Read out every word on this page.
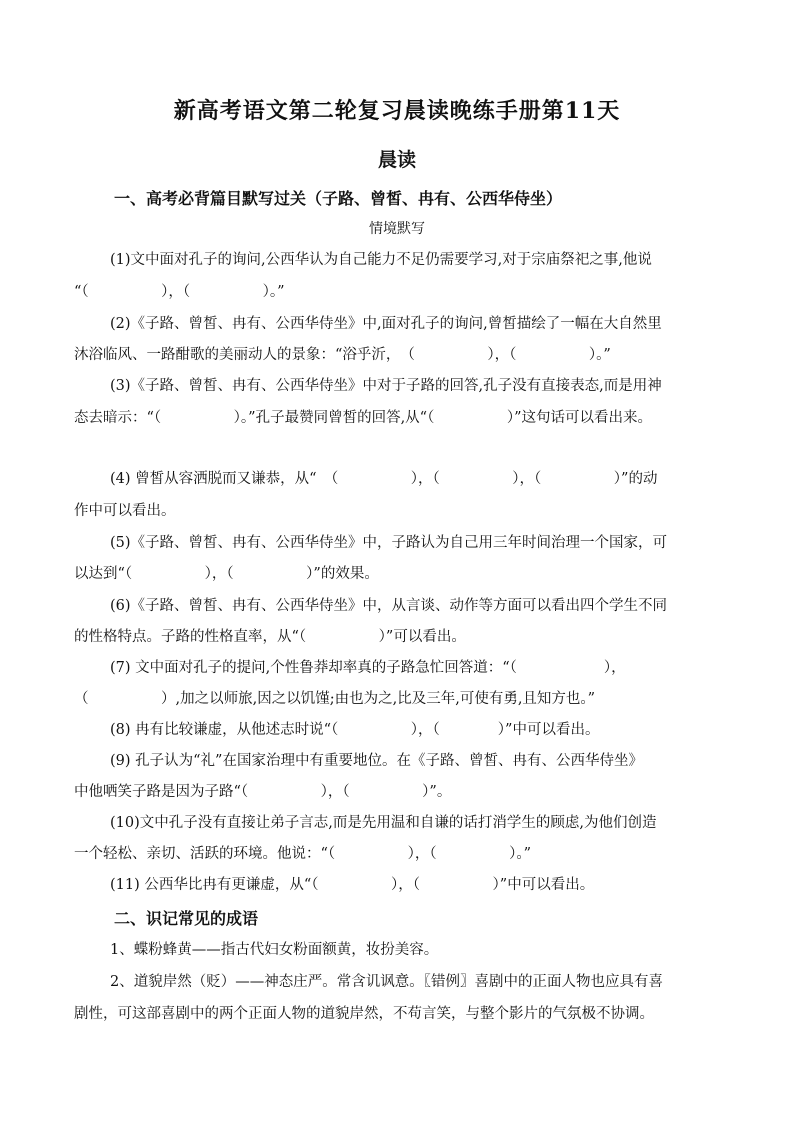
新高考语文第二轮复习晨读晚练手册第11天
晨读
一、高考必背篇目默写过关（子路、曾皙、冉有、公西华侍坐）
情境默写
(1)文中面对孔子的询问,公西华认为自己能力不足仍需要学习,对于宗庙祭祀之事,他说
“（　　　　　），（　　　　　）。”
(2)《子路、曾皙、冉有、公西华侍坐》中,面对孔子的询问,曾皙描绘了一幅在大自然里
沐浴临风、一路酣歌的美丽动人的景象：“浴乎沂，　（　　　　　），（　　　　　）。”
(3)《子路、曾皙、冉有、公西华侍坐》中对于子路的回答,孔子没有直接表态,而是用神
态去暗示：“（　　　　　）。”孔子最赞同曾皙的回答,从“（　　　　　）”这句话可以看出来。
(4) 曾皙从容洒脱而又谦恭，从“　（　　　　　），（　　　　　），（　　　　　）”的动
作中可以看出。
(5)《子路、曾皙、冉有、公西华侍坐》中，子路认为自己用三年时间治理一个国家，可
以达到“（　　　　　），（　　　　　）”的效果。
(6)《子路、曾皙、冉有、公西华侍坐》中，从言谈、动作等方面可以看出四个学生不同
的性格特点。子路的性格直率，从“（　　　　　）”可以看出。
(7) 文中面对孔子的提问,个性鲁莽却率真的子路急忙回答道：“（　　　　　　），
（　　　　　）,加之以师旅,因之以饥馑;由也为之,比及三年,可使有勇,且知方也。”
(8) 冉有比较谦虚，从他述志时说“（　　　　　），（　　　　）”中可以看出。
(9) 孔子认为“礼”在国家治理中有重要地位。在《子路、曾皙、冉有、公西华侍坐》
中他哂笑子路是因为子路“（　　　　　），（　　　　　）”。
(10)文中孔子没有直接让弟子言志,而是先用温和自谦的话打消学生的顾虑,为他们创造
一个轻松、亲切、活跃的环境。他说：“（　　　　　），（　　　　　）。”
(11) 公西华比冉有更谦虚，从“（　　　　　），（　　　　　）”中可以看出。
二、识记常见的成语
1、蝶粉蜂黄——指古代妇女粉面额黄，妆扮美容。
2、道貌岸然（贬）——神态庄严。常含讥讽意。〖错例〗喜剧中的正面人物也应具有喜
剧性，可这部喜剧中的两个正面人物的道貌岸然，不苟言笑，与整个影片的气氛极不协调。
